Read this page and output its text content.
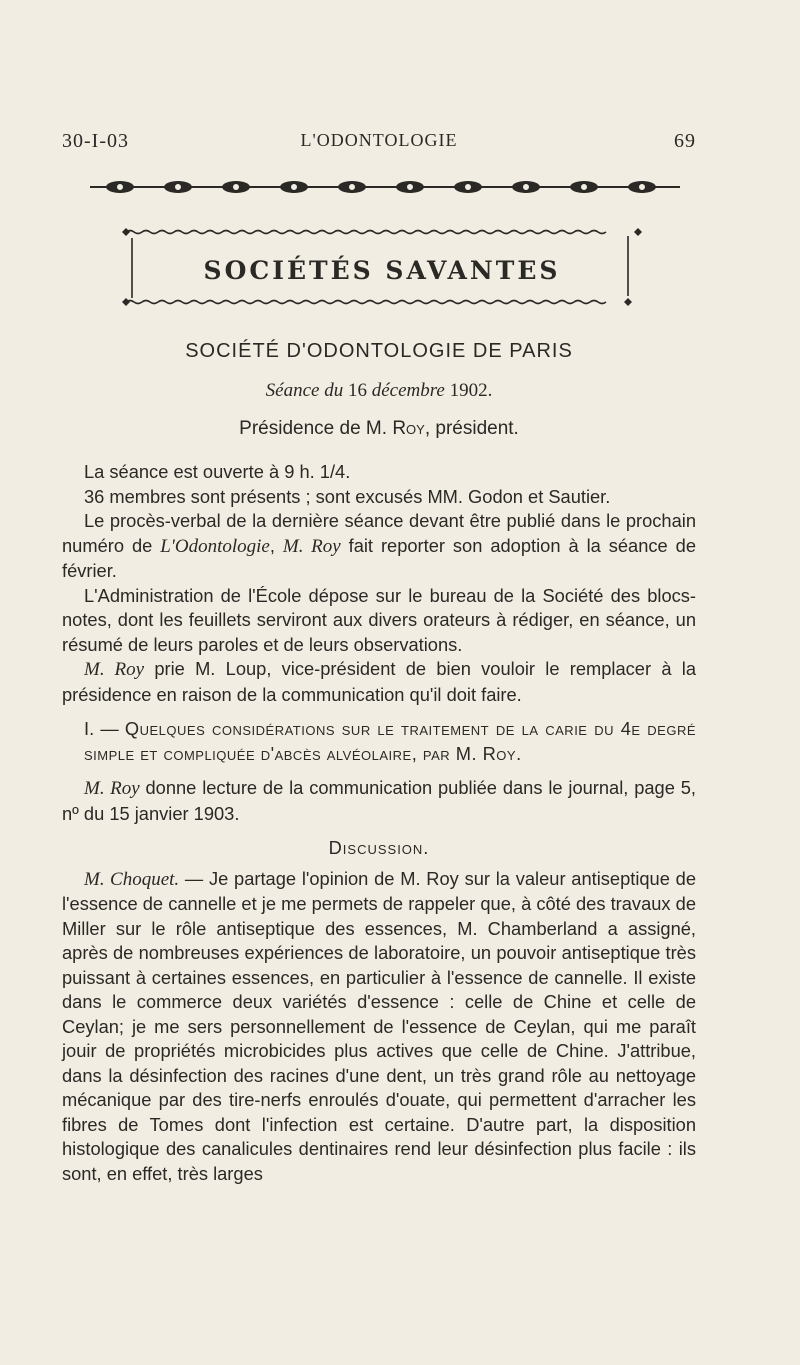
30-I-03	L'ODONTOLOGIE	69
SOCIÉTÉS SAVANTES
SOCIÉTÉ D'ODONTOLOGIE DE PARIS
Séance du 16 décembre 1902.
Présidence de M. Roy, président.

La séance est ouverte à 9 h. 1/4.

36 membres sont présents ; sont excusés MM. Godon et Sautier.

Le procès-verbal de la dernière séance devant être publié dans le prochain numéro de L'Odontologie, M. Roy fait reporter son adoption à la séance de février.

L'Administration de l'École dépose sur le bureau de la Société des blocs-notes, dont les feuillets serviront aux divers orateurs à rédiger, en séance, un résumé de leurs paroles et de leurs observations.

M. Roy prie M. Loup, vice-président de bien vouloir le remplacer à la présidence en raison de la communication qu'il doit faire.

I. — Quelques considérations sur le traitement de la carie du 4e degré simple et compliquée d'abcès alvéolaire, par M. Roy.

M. Roy donne lecture de la communication publiée dans le journal, page 5, nº du 15 janvier 1903.

Discussion.

M. Choquet. — Je partage l'opinion de M. Roy sur la valeur antiseptique de l'essence de cannelle et je me permets de rappeler que, à côté des travaux de Miller sur le rôle antiseptique des essences, M. Chamberland a assigné, après de nombreuses expériences de laboratoire, un pouvoir antiseptique très puissant à certaines essences, en particulier à l'essence de cannelle. Il existe dans le commerce deux variétés d'essence : celle de Chine et celle de Ceylan; je me sers personnellement de l'essence de Ceylan, qui me paraît jouir de propriétés microbicides plus actives que celle de Chine. J'attribue, dans la désinfection des racines d'une dent, un très grand rôle au nettoyage mécanique par des tire-nerfs enroulés d'ouate, qui permettent d'arracher les fibres de Tomes dont l'infection est certaine. D'autre part, la disposition histologique des canalicules dentinaires rend leur désinfection plus facile : ils sont, en effet, très larges
